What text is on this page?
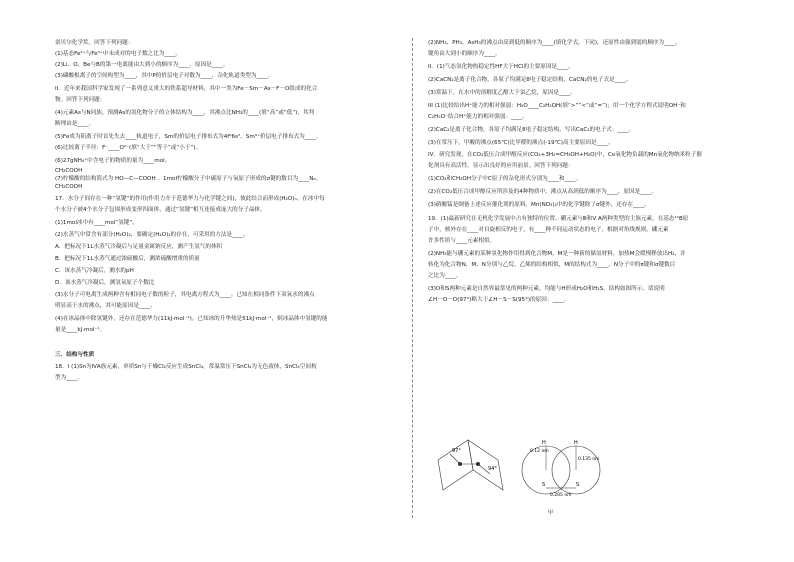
诺贝尔化学奖。回答下列问题：
(1)基态Fe²⁺与Fe³⁺中未成对的电子数之比为____。
(2)Li、O、Be与B的第一电离能由大到小的顺序为____，原因是____。
(3)磷酸根离子的空间构型为____，其中P的价层电子对数为____，杂化轨道类型为____。
II．近年来我国科学家发现了一系列意义重大的铁系超导材料，其中一类为Fe－Sm－As－F－O组成的化合
物。回答下列问题：
(4)元素As与N同族。预测As的氢化物分子的立体结构为____，其沸点比NH₃的____(填“高”或“低”)，其判
断理由是____。
(5)Fe成为阳离子时首先失去____轨道电子，Sm的价层电子排布式为4f⁶6s²，Sm³⁺价层电子排布式为____。
(6)比较离子半径：F⁻____O²⁻(填“大于”“等于”或“小于”)。
(6)27gNH₄⁺中含电子的物质的量为____mol。
CH₂COOH
(7)柠檬酸的结构简式为 HO—C—COOH 。1mol柠檬酸分子中碳原子与氧原子形成的σ键的数目为____Nₐ。
CH₂COOH
17．水分子间存在一种“氢键”的作用(作用力介于范德华力与化学键之间)，彼此结合而形成(H₂O)ₙ。在冰中每
个水分子被4个水分子包围形成变形四面体，通过“氢键”相互连接成庞大的分子晶体。
(1)1mol冰中有____mol“氢键”。
(2)水蒸气中常含有部分(H₂O)₂，要确定(H₂O)₂的存在，可采用的方法是____。
A．把标况下1L水蒸气冷凝后与足量金属钠反应，测产生氢气的体积
B．把标况下1L水蒸气通过浓硫酸后，测浓硫酸增重的质量
C．该水蒸气冷凝后，测水的pH
D．该水蒸气冷凝后，测氢氧原子个数比
(3)水分子可电离生成两种含有相同电子数的粒子，其电离方程式为____。已知在相同条件下双氧水的沸点
明显高于水的沸点，其可能原因是____。
(4)在冰晶体中除氢键外，还存在范德华力(11kJ·mol⁻¹)。已知冰的升华热是51kJ·mol⁻¹，则冰晶体中氢键的能
量是____kJ·mol⁻¹。
三．结构与性质
18．I (1)Sn为ⅣA族元素，单质Sn与干燥Cl₂反应生成SnCl₄，常温常压下SnCl₄为无色液体，SnCl₄空间构
型为____。
(2)NH₃、PH₃、AsH₃的沸点由高到低的顺序为____(填化学式，下同)，还原性由强到弱的顺序为____，
键角由大到小的顺序为____。
II．(1)气态氢化物热稳定性HF大于HCl的主要原因是____。
(2)CaCN₂是离子化合物，各原子均满足8电子稳定结构，CaCN₂的电子式是____。
(3)常温下，在水中的溶解度乙醇大于氯乙烷，原因是____。
III (1)比较给出H⁺能力的相对强弱：H₂O____C₂H₅OH(填“>”“<”或“=”)；用一个化学方程式说明OH⁻和
C₂H₅O⁻结合H⁺能力的相对强弱：____。
(2)CaC₂是离子化合物，各原子均满足8电子稳定结构，写出CaC₂的电子式：____。
(3)在常压下，甲酸的沸点(65℃)比甲醛的沸点(-19℃)高主要原因是____。
IV．研究发现，在CO₂低压合成甲醇反应(CO₂+3H₂=CH₃OH+H₂O)中，Co氧化物负载的Mn氧化物纳米粒子催
化剂具有高活性，显示出良好的应用前景。回答下列问题：
(1)CO₂和CH₃OH分子中C原子的杂化形式分别为____和____。
(2)在CO₂低压合成甲醇反应所涉及的4种物质中，沸点从高到低的顺序为____，原因是____。
(3)硝酸锰是制备上述反应催化剂的原料，Mn(NO₃)₂中的化学键除了σ键外，还存在____。
19．(1)最新研究在无机化学发展中占有独特的位置。硼元素与Ⅲ和Ⅴ A两种类型的主族元素，在基态¹¹B原
子中，核外存在____对自旋相反的电子，有____种不同运动状态的电子，根据对角线规则，硼元素
许多性质与____元素相似。
(2)NH₃能与硼元素的某种氢化物作用得到化合物M，M是一种新的储氢材料，加热M会缓慢释放出H₂，并
转化为化合物N，M、N分别与乙烷、乙烯的结构相似，M的结构式为____，N分子中的π键和σ键数目
之比为____。
(3)O和S两种元素是自然界最常见的两种元素，均能与H形成H₂O和H₂S，结构如图所示。请说明
∠H－O－O(97°)略大于∠H－S－S(95°)的原因：____。
97°
94°
0.12 nm
0.135 nm
0.205 nm
S	S
H	H
甲
